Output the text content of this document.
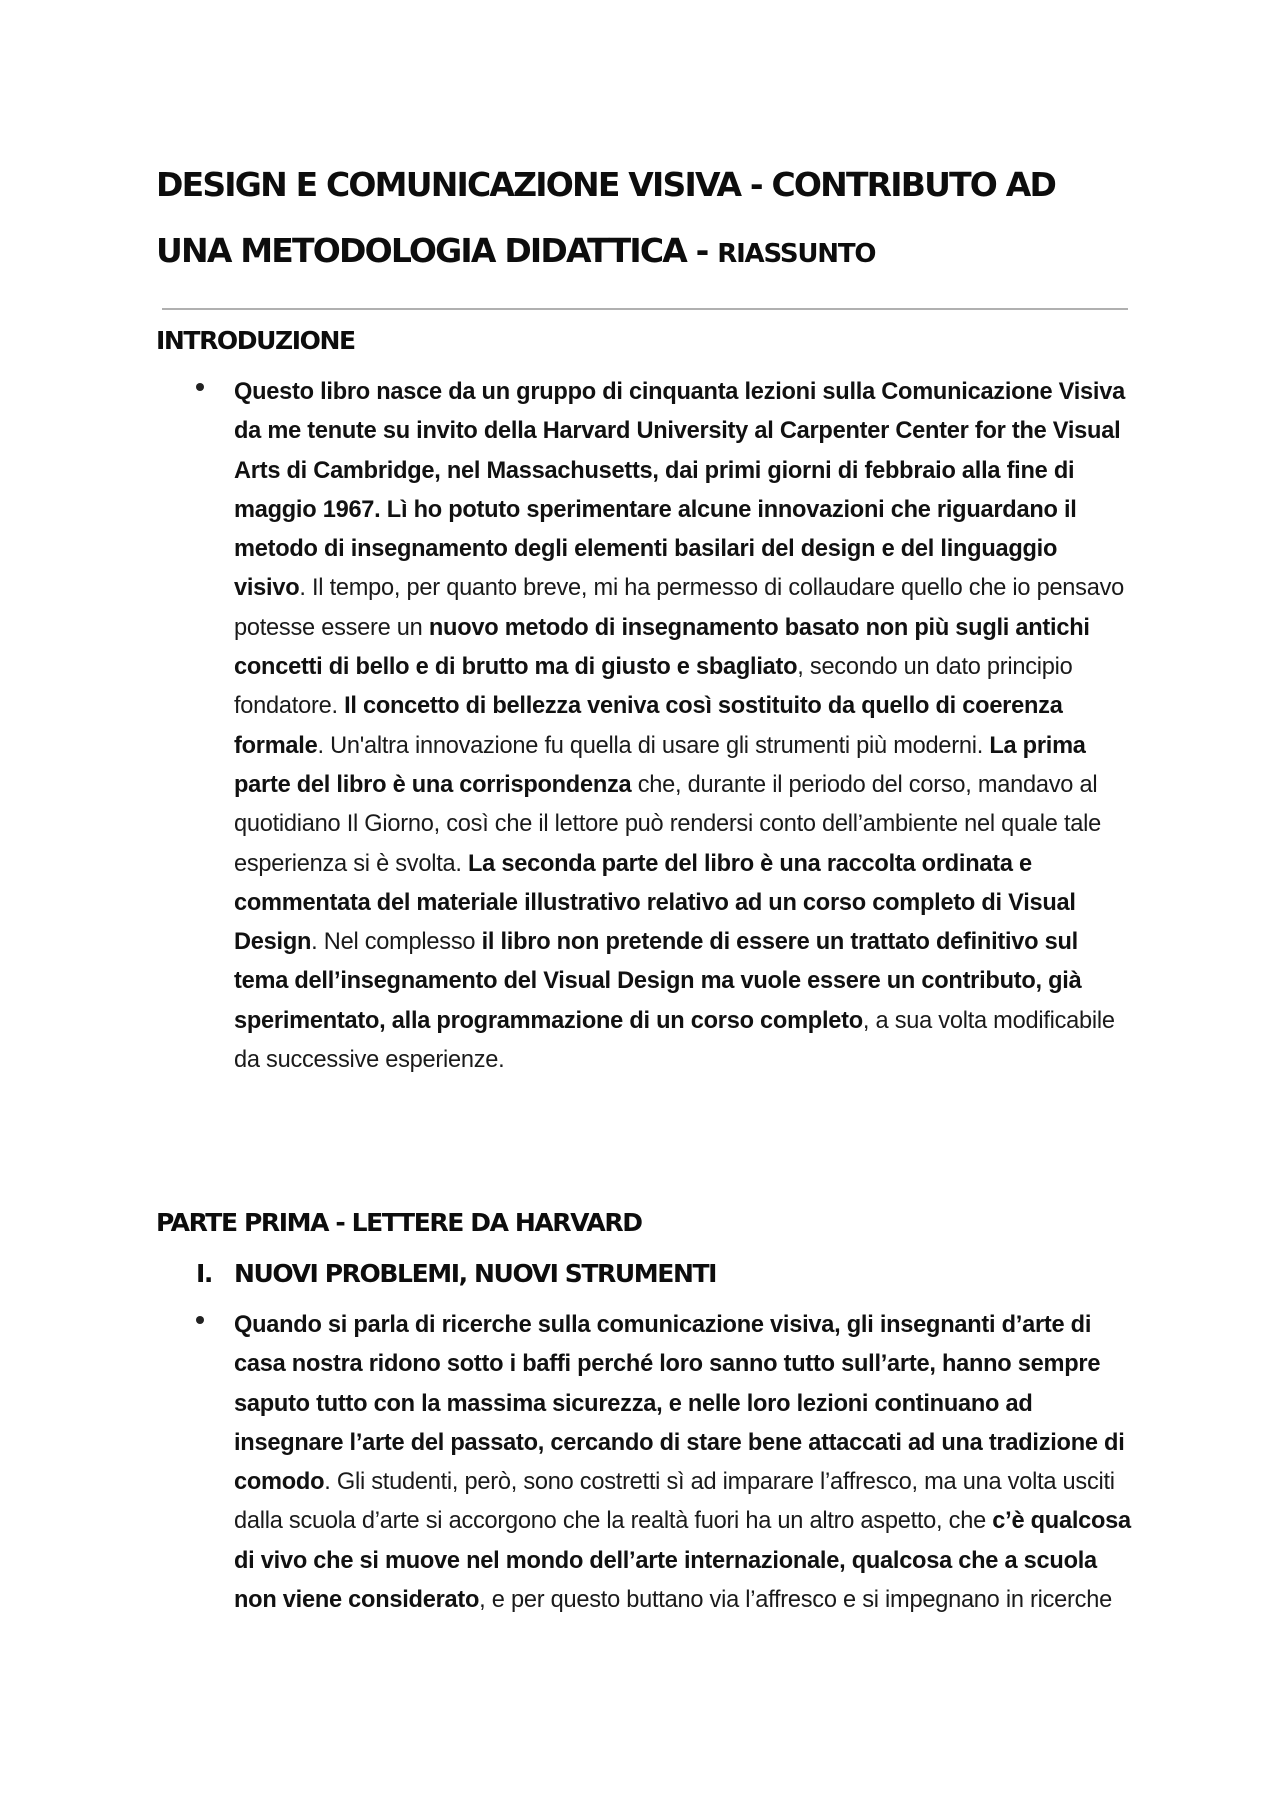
DESIGN E COMUNICAZIONE VISIVA - CONTRIBUTO AD UNA METODOLOGIA DIDATTICA - RIASSUNTO
INTRODUZIONE
Questo libro nasce da un gruppo di cinquanta lezioni sulla Comunicazione Visiva da me tenute su invito della Harvard University al Carpenter Center for the Visual Arts di Cambridge, nel Massachusetts, dai primi giorni di febbraio alla fine di maggio 1967. Lì ho potuto sperimentare alcune innovazioni che riguardano il metodo di insegnamento degli elementi basilari del design e del linguaggio visivo. Il tempo, per quanto breve, mi ha permesso di collaudare quello che io pensavo potesse essere un nuovo metodo di insegnamento basato non più sugli antichi concetti di bello e di brutto ma di giusto e sbagliato, secondo un dato principio fondatore. Il concetto di bellezza veniva così sostituito da quello di coerenza formale. Un'altra innovazione fu quella di usare gli strumenti più moderni. La prima parte del libro è una corrispondenza che, durante il periodo del corso, mandavo al quotidiano Il Giorno, così che il lettore può rendersi conto dell’ambiente nel quale tale esperienza si è svolta. La seconda parte del libro è una raccolta ordinata e commentata del materiale illustrativo relativo ad un corso completo di Visual Design. Nel complesso il libro non pretende di essere un trattato definitivo sul tema dell’insegnamento del Visual Design ma vuole essere un contributo, già sperimentato, alla programmazione di un corso completo, a sua volta modificabile da successive esperienze.
PARTE PRIMA - LETTERE DA HARVARD
I. NUOVI PROBLEMI, NUOVI STRUMENTI
Quando si parla di ricerche sulla comunicazione visiva, gli insegnanti d’arte di casa nostra ridono sotto i baffi perché loro sanno tutto sull’arte, hanno sempre saputo tutto con la massima sicurezza, e nelle loro lezioni continuano ad insegnare l’arte del passato, cercando di stare bene attaccati ad una tradizione di comodo. Gli studenti, però, sono costretti sì ad imparare l’affresco, ma una volta usciti dalla scuola d’arte si accorgono che la realtà fuori ha un altro aspetto, che c’è qualcosa di vivo che si muove nel mondo dell’arte internazionale, qualcosa che a scuola non viene considerato, e per questo buttano via l’affresco e si impegnano in ricerche
